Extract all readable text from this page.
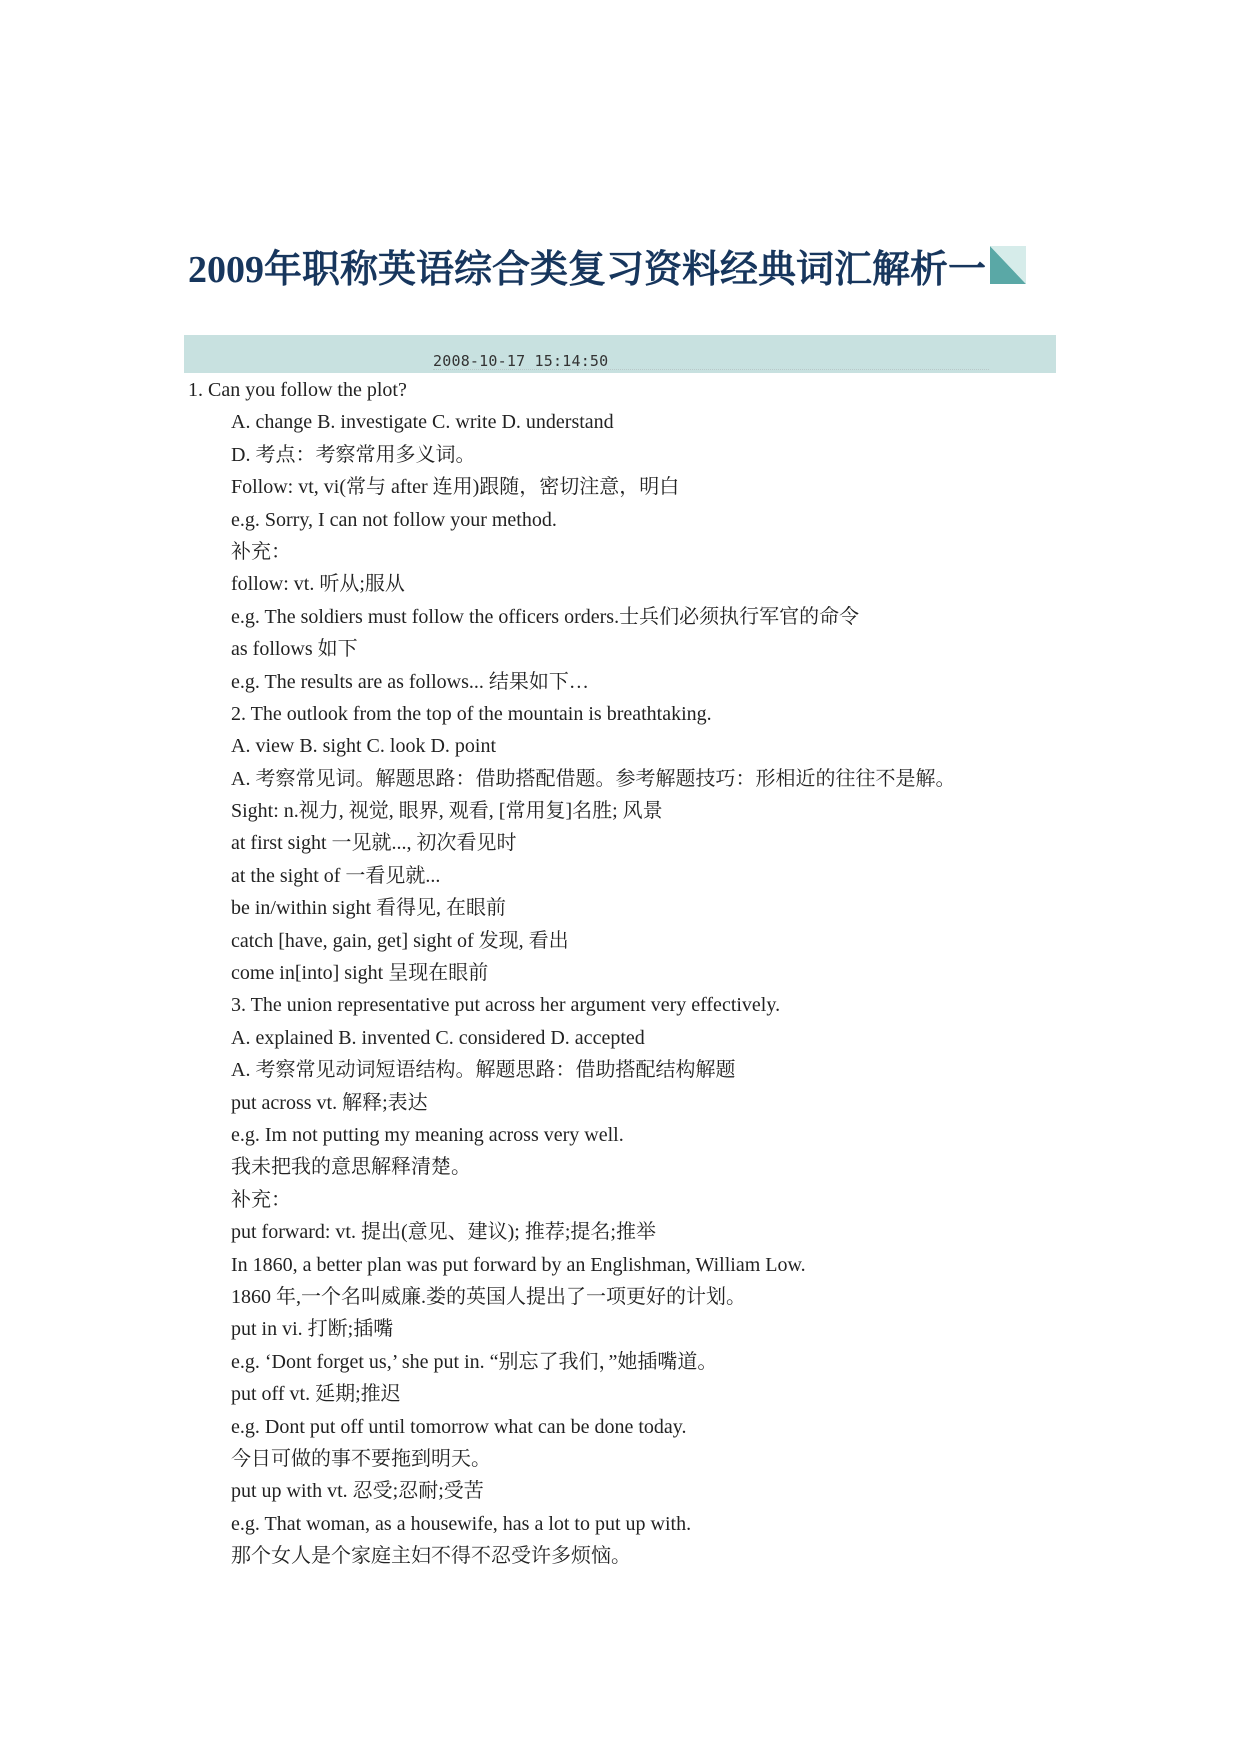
2009年职称英语综合类复习资料经典词汇解析一
2008-10-17 15:14:50
1. Can you follow the plot?
A. change B. investigate C. write D. understand
D. 考点：考察常用多义词。
Follow: vt, vi(常与 after 连用)跟随，密切注意，明白
e.g. Sorry, I can not follow your method.
补充：
follow: vt. 听从;服从
e.g. The soldiers must follow the officers orders.士兵们必须执行军官的命令
as follows 如下
e.g. The results are as follows... 结果如下…
2. The outlook from the top of the mountain is breathtaking.
A. view B. sight C. look D. point
A. 考察常见词。解题思路：借助搭配借题。参考解题技巧：形相近的往往不是解。
Sight: n.视力, 视觉, 眼界, 观看, [常用复]名胜; 风景
at first sight 一见就..., 初次看见时
at the sight of 一看见就...
be in/within sight 看得见, 在眼前
catch [have, gain, get] sight of 发现, 看出
come in[into] sight 呈现在眼前
3. The union representative put across her argument very effectively.
A. explained B. invented C. considered D. accepted
A. 考察常见动词短语结构。解题思路：借助搭配结构解题
put across vt. 解释;表达
e.g. Im not putting my meaning across very well.
我未把我的意思解释清楚。
补充：
put forward: vt. 提出(意见、建议); 推荐;提名;推举
In 1860, a better plan was put forward by an Englishman, William Low.
1860 年,一个名叫威廉.娄的英国人提出了一项更好的计划。
put in vi. 打断;插嘴
e.g. ‘Dont forget us,’ she put in. “别忘了我们，”她插嘴道。
put off vt. 延期;推迟
e.g. Dont put off until tomorrow what can be done today.
今日可做的事不要拖到明天。
put up with vt. 忍受;忍耐;受苦
e.g. That woman, as a housewife, has a lot to put up with.
那个女人是个家庭主妇不得不忍受许多烦恼。
